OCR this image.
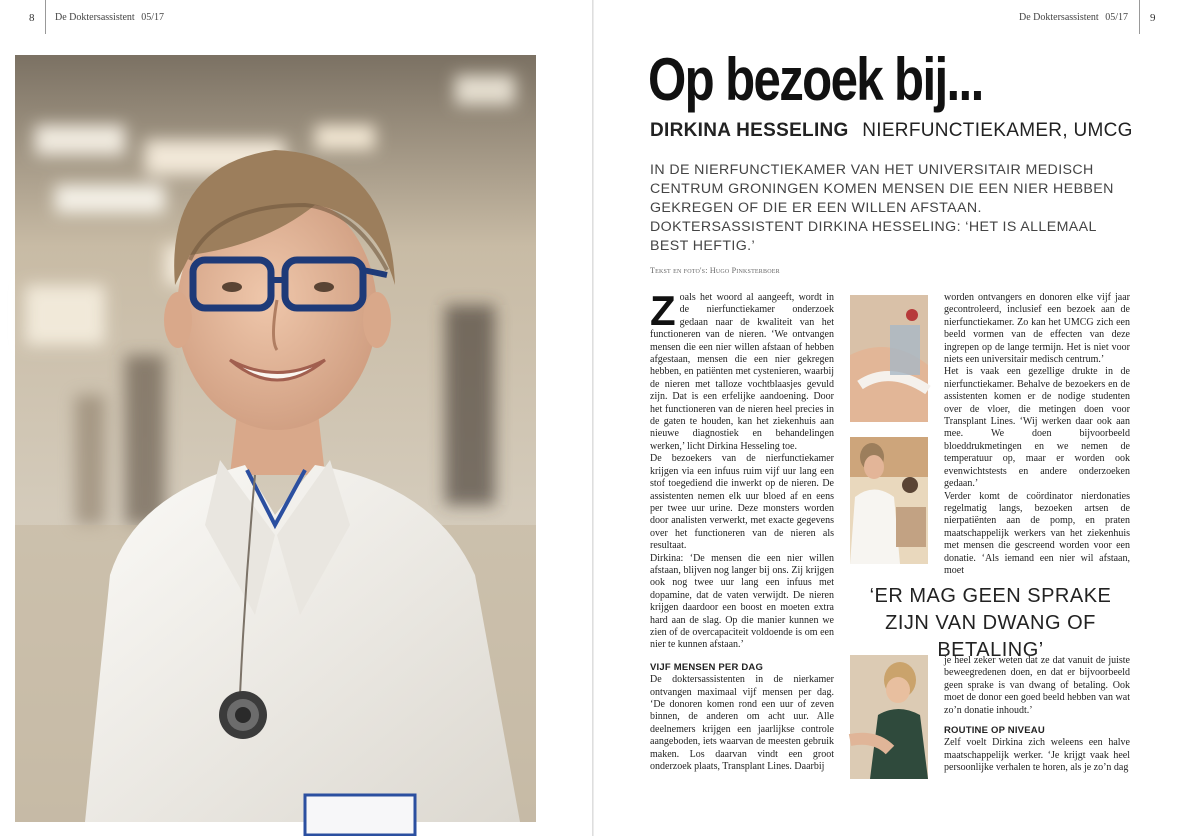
8 De Doktersassistent 05/17	De Doktersassistent 05/17 9
Op bezoek bij...
DIRKINA HESSELING NIERFUNCTIEKAMER, UMCG

IN DE NIERFUNCTIEKAMER VAN HET UNIVERSITAIR MEDISCH CENTRUM GRONINGEN KOMEN MENSEN DIE EEN NIER HEBBEN GEKREGEN OF DIE ER EEN WILLEN AFSTAAN. DOKTERSASSISTENT DIRKINA HESSELING: ‘HET IS ALLEMAAL BEST HEFTIG.’

Tekst en foto's: Hugo Pinksterboer

Zoals het woord al aangeeft, wordt in de nierfunctiekamer onderzoek gedaan naar de kwaliteit van het functioneren van de nieren. ‘We ontvangen mensen die een nier willen afstaan of hebben afgestaan, mensen die een nier gekregen hebben, en patiënten met cystenieren, waarbij de nieren met talloze vochtblaasjes gevuld zijn. Dat is een erfelijke aandoening. Door het functioneren van de nieren heel precies in de gaten te houden, kan het ziekenhuis aan nieuwe diagnostiek en behandelingen werken,’ licht Dirkina Hesseling toe.

De bezoekers van de nierfunctiekamer krijgen via een infuus ruim vijf uur lang een stof toegediend die inwerkt op de nieren. De assistenten nemen elk uur bloed af en eens per twee uur urine. Deze monsters worden door analisten verwerkt, met exacte gegevens over het functioneren van de nieren als resultaat.

Dirkina: ‘De mensen die een nier willen afstaan, blijven nog langer bij ons. Zij krijgen ook nog twee uur lang een infuus met dopamine, dat de vaten verwijdt. De nieren krijgen daardoor een boost en moeten extra hard aan de slag. Op die manier kunnen we zien of de overcapaciteit voldoende is om een nier te kunnen afstaan.’

VIJF MENSEN PER DAG

De doktersassistenten in de nierkamer ontvangen maximaal vijf mensen per dag. ‘De donoren komen rond een uur of zeven binnen, de anderen om acht uur. Alle deelnemers krijgen een jaarlijkse controle aangeboden, iets waarvan de meesten gebruik maken. Los daarvan vindt een groot onderzoek plaats, Transplant Lines. Daarbij

worden ontvangers en donoren elke vijf jaar gecontroleerd, inclusief een bezoek aan de nierfunctiekamer. Zo kan het UMCG zich een beeld vormen van de effecten van deze ingrepen op de lange termijn. Het is niet voor niets een universitair medisch centrum.’

Het is vaak een gezellige drukte in de nierfunctiekamer. Behalve de bezoekers en de assistenten komen er de nodige studenten over de vloer, die metingen doen voor Transplant Lines. ‘Wij werken daar ook aan mee. We doen bijvoorbeeld bloeddrukmetingen en we nemen de temperatuur op, maar er worden ook evenwichtstests en andere onderzoeken gedaan.’

Verder komt de coördinator nierdonaties regelmatig langs, bezoeken artsen de nierpatiënten aan de pomp, en praten maatschappelijk werkers van het ziekenhuis met mensen die gescreend worden voor een donatie. ‘Als iemand een nier wil afstaan, moet

‘ER MAG GEEN SPRAKE ZIJN VAN DWANG OF BETALING’

je heel zeker weten dat ze dat vanuit de juiste beweegredenen doen, en dat er bijvoorbeeld geen sprake is van dwang of betaling. Ook moet de donor een goed beeld hebben van wat zo’n donatie inhoudt.’

ROUTINE OP NIVEAU

Zelf voelt Dirkina zich weleens een halve maatschappelijk werker. ‘Je krijgt vaak heel persoonlijke verhalen te horen, als je zo’n dag
